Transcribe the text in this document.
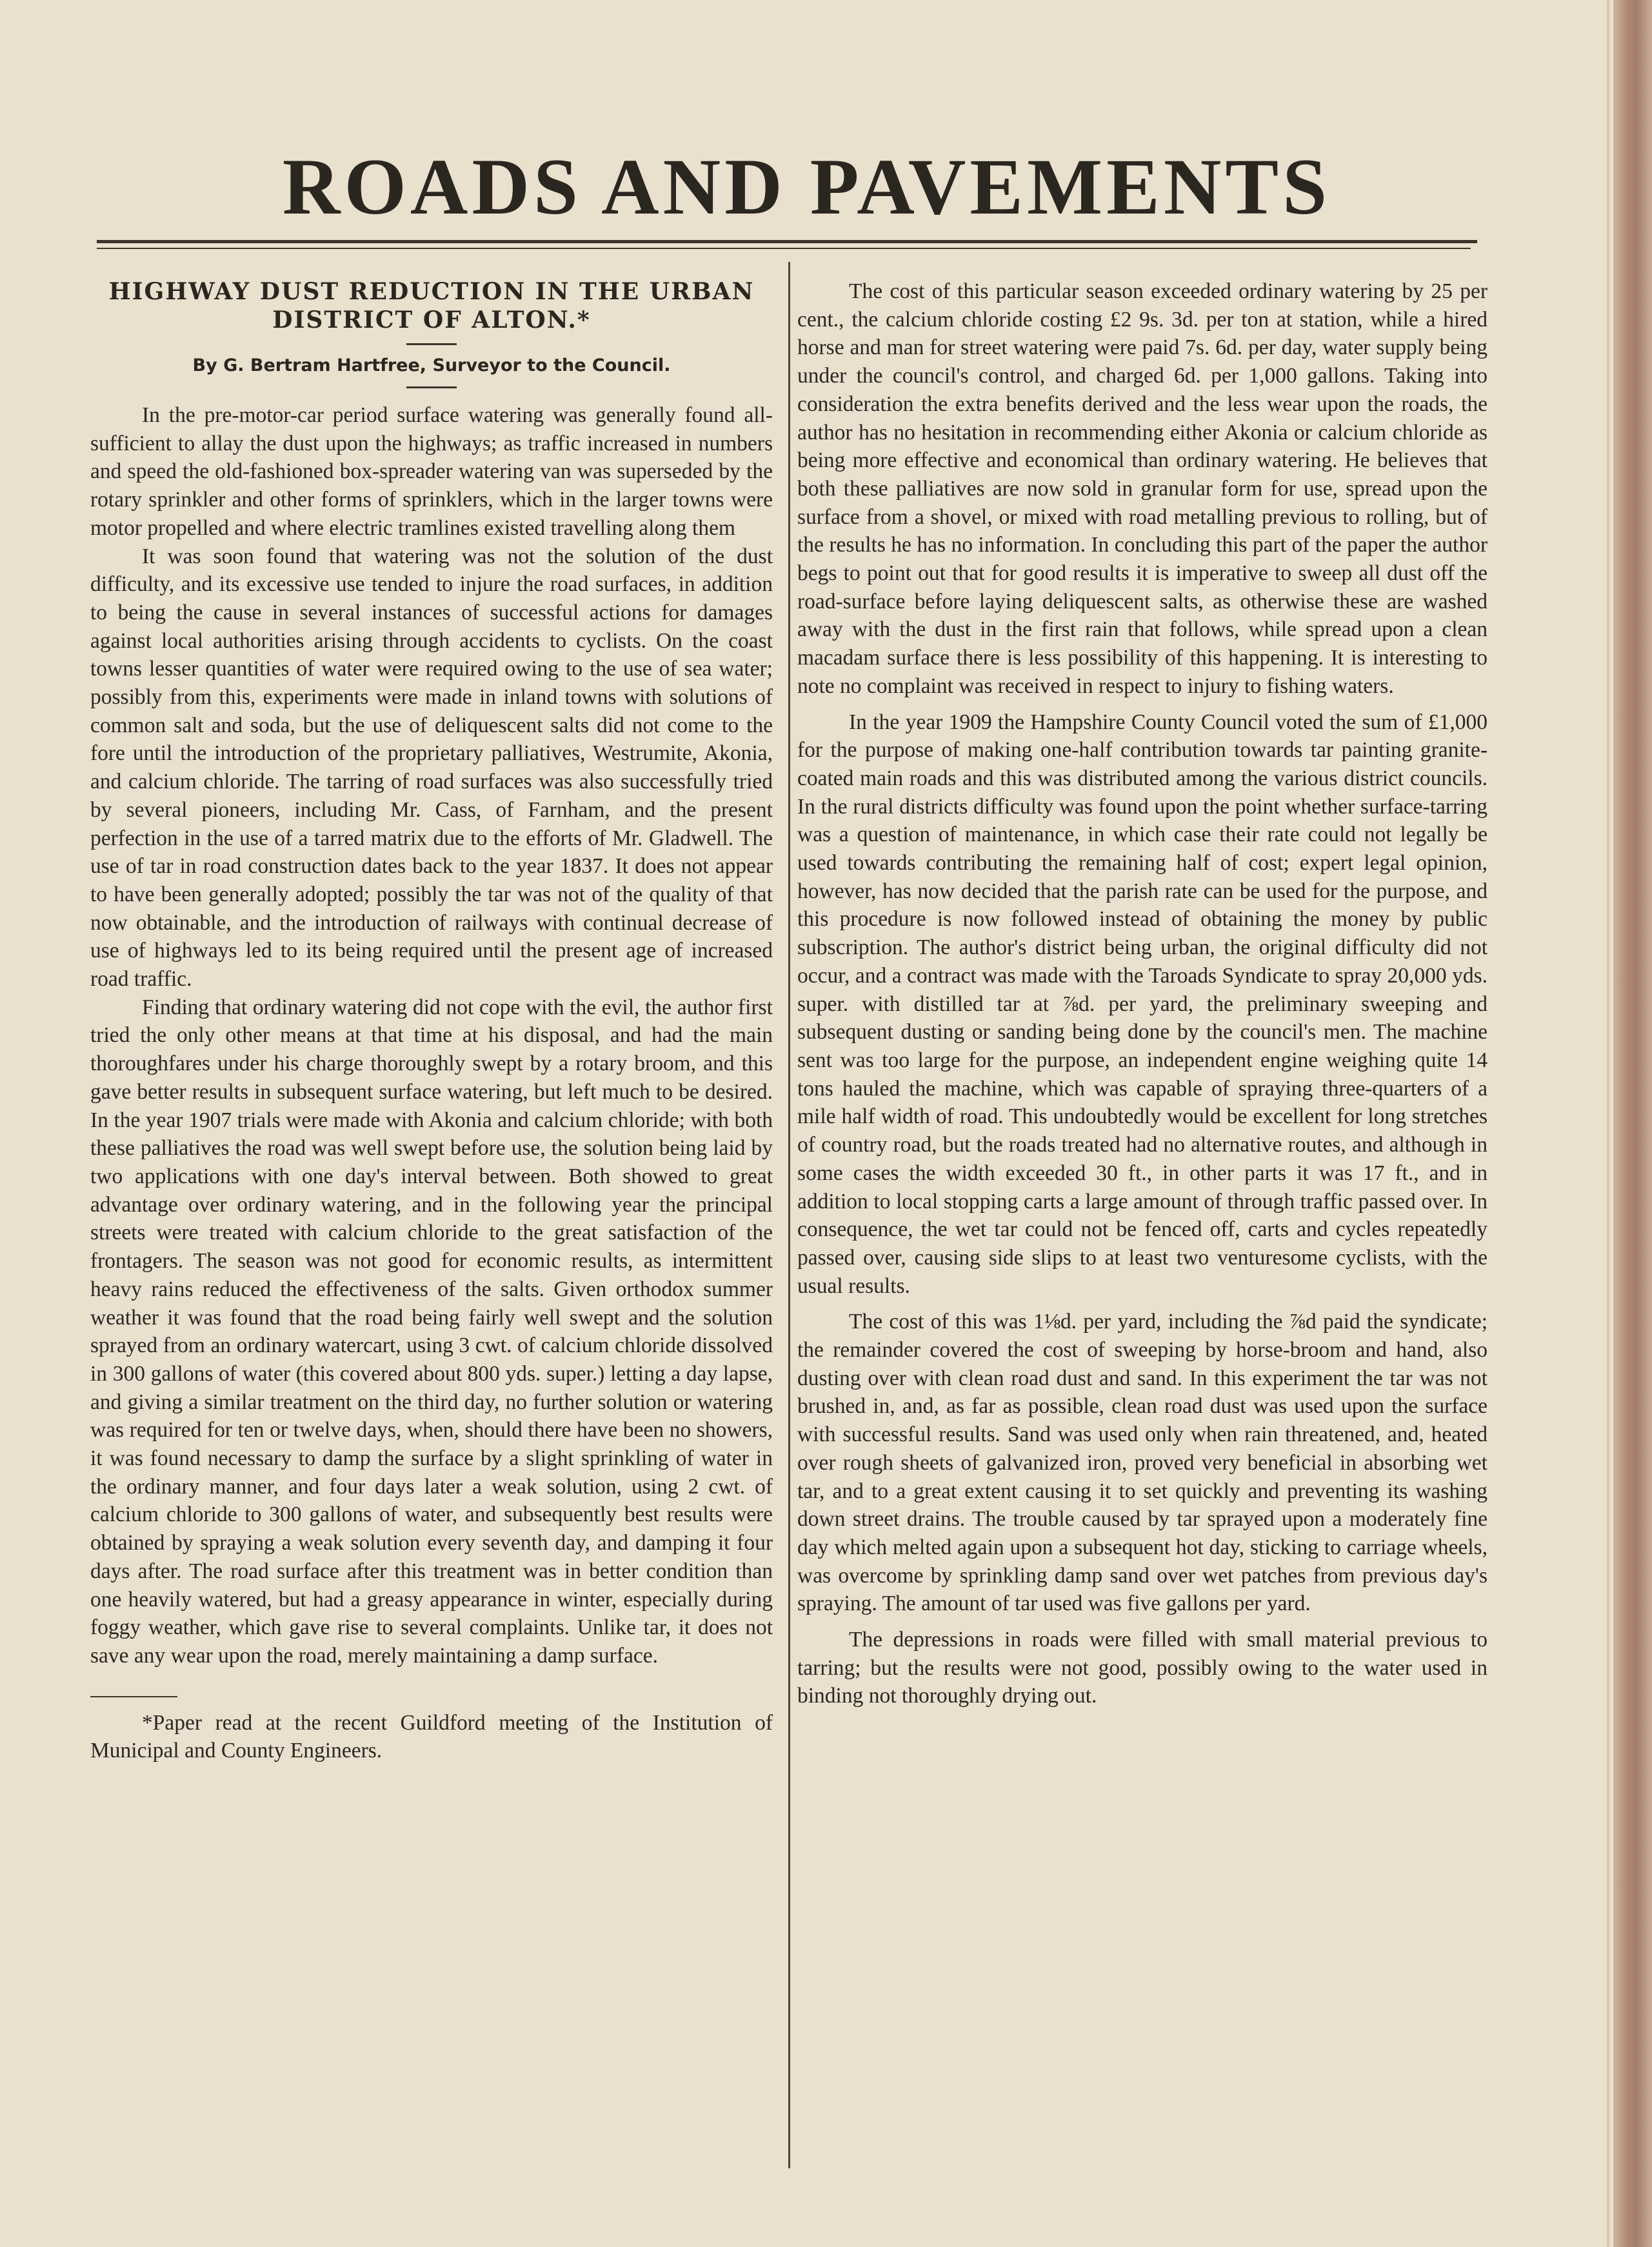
ROADS AND PAVEMENTS
HIGHWAY DUST REDUCTION IN THE URBAN DISTRICT OF ALTON.*
By G. Bertram Hartfree, Surveyor to the Council.

In the pre-motor-car period surface watering was generally found all-sufficient to allay the dust upon the highways; as traffic increased in numbers and speed the old-fashioned box-spreader watering van was superseded by the rotary sprinkler and other forms of sprinklers, which in the larger towns were motor propelled and where electric tramlines existed travelling along them

It was soon found that watering was not the solution of the dust difficulty, and its excessive use tended to injure the road surfaces, in addition to being the cause in several instances of successful actions for damages against local authorities arising through accidents to cyclists. On the coast towns lesser quantities of water were required owing to the use of sea water; possibly from this, experiments were made in inland towns with solutions of common salt and soda, but the use of deliquescent salts did not come to the fore until the introduction of the proprietary palliatives, Westrumite, Akonia, and calcium chloride. The tarring of road surfaces was also successfully tried by several pioneers, including Mr. Cass, of Farnham, and the present perfection in the use of a tarred matrix due to the efforts of Mr. Gladwell. The use of tar in road construction dates back to the year 1837. It does not appear to have been generally adopted; possibly the tar was not of the quality of that now obtainable, and the introduction of railways with continual decrease of use of highways led to its being required until the present age of increased road traffic.

Finding that ordinary watering did not cope with the evil, the author first tried the only other means at that time at his disposal, and had the main thoroughfares under his charge thoroughly swept by a rotary broom, and this gave better results in subsequent surface watering, but left much to be desired. In the year 1907 trials were made with Akonia and calcium chloride; with both these palliatives the road was well swept before use, the solution being laid by two applications with one day's interval between. Both showed to great advantage over ordinary watering, and in the following year the principal streets were treated with calcium chloride to the great satisfaction of the frontagers. The season was not good for economic results, as intermittent heavy rains reduced the effectiveness of the salts. Given orthodox summer weather it was found that the road being fairly well swept and the solution sprayed from an ordinary watercart, using 3 cwt. of calcium chloride dissolved in 300 gallons of water (this covered about 800 yds. super.) letting a day lapse, and giving a similar treatment on the third day, no further solution or watering was required for ten or twelve days, when, should there have been no showers, it was found necessary to damp the surface by a slight sprinkling of water in the ordinary manner, and four days later a weak solution, using 2 cwt. of calcium chloride to 300 gallons of water, and subsequently best results were obtained by spraying a weak solution every seventh day, and damping it four days after. The road surface after this treatment was in better condition than one heavily watered, but had a greasy appearance in winter, especially during foggy weather, which gave rise to several complaints. Unlike tar, it does not save any wear upon the road, merely maintaining a damp surface.

*Paper read at the recent Guildford meeting of the Institution of Municipal and County Engineers.

The cost of this particular season exceeded ordinary watering by 25 per cent., the calcium chloride costing £2 9s. 3d. per ton at station, while a hired horse and man for street watering were paid 7s. 6d. per day, water supply being under the council's control, and charged 6d. per 1,000 gallons. Taking into consideration the extra benefits derived and the less wear upon the roads, the author has no hesitation in recommending either Akonia or calcium chloride as being more effective and economical than ordinary watering. He believes that both these palliatives are now sold in granular form for use, spread upon the surface from a shovel, or mixed with road metalling previous to rolling, but of the results he has no information. In concluding this part of the paper the author begs to point out that for good results it is imperative to sweep all dust off the road-surface before laying deliquescent salts, as otherwise these are washed away with the dust in the first rain that follows, while spread upon a clean macadam surface there is less possibility of this happening. It is interesting to note no complaint was received in respect to injury to fishing waters.

In the year 1909 the Hampshire County Council voted the sum of £1,000 for the purpose of making one-half contribution towards tar painting granite-coated main roads and this was distributed among the various district councils. In the rural districts difficulty was found upon the point whether surface-tarring was a question of maintenance, in which case their rate could not legally be used towards contributing the remaining half of cost; expert legal opinion, however, has now decided that the parish rate can be used for the purpose, and this procedure is now followed instead of obtaining the money by public subscription. The author's district being urban, the original difficulty did not occur, and a contract was made with the Taroads Syndicate to spray 20,000 yds. super. with distilled tar at ⅞d. per yard, the preliminary sweeping and subsequent dusting or sanding being done by the council's men. The machine sent was too large for the purpose, an independent engine weighing quite 14 tons hauled the machine, which was capable of spraying three-quarters of a mile half width of road. This undoubtedly would be excellent for long stretches of country road, but the roads treated had no alternative routes, and although in some cases the width exceeded 30 ft., in other parts it was 17 ft., and in addition to local stopping carts a large amount of through traffic passed over. In consequence, the wet tar could not be fenced off, carts and cycles repeatedly passed over, causing side slips to at least two venturesome cyclists, with the usual results.

The cost of this was 1⅛d. per yard, including the ⅞d paid the syndicate; the remainder covered the cost of sweeping by horse-broom and hand, also dusting over with clean road dust and sand. In this experiment the tar was not brushed in, and, as far as possible, clean road dust was used upon the surface with successful results. Sand was used only when rain threatened, and, heated over rough sheets of galvanized iron, proved very beneficial in absorbing wet tar, and to a great extent causing it to set quickly and preventing its washing down street drains. The trouble caused by tar sprayed upon a moderately fine day which melted again upon a subsequent hot day, sticking to carriage wheels, was overcome by sprinkling damp sand over wet patches from previous day's spraying. The amount of tar used was five gallons per yard.

The depressions in roads were filled with small material previous to tarring; but the results were not good, possibly owing to the water used in binding not thoroughly drying out.
